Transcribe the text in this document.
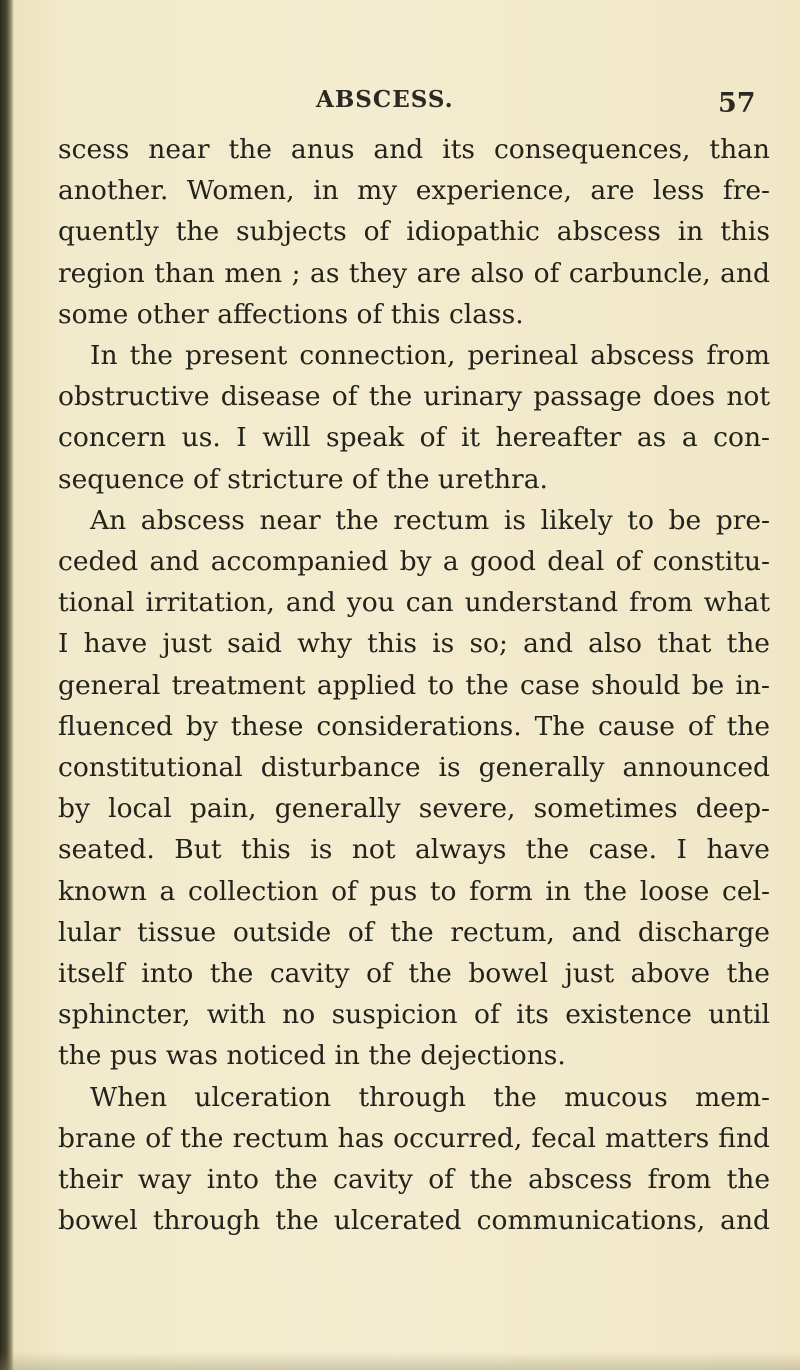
ABSCESS.	57
scess near the anus and its consequences, than
another. Women, in my experience, are less fre-
quently the subjects of idiopathic abscess in this
region than men ; as they are also of carbuncle, and
some other affections of this class.
In the present connection, perineal abscess from
obstructive disease of the urinary passage does not
concern us. I will speak of it hereafter as a con-
sequence of stricture of the urethra.
An abscess near the rectum is likely to be pre-
ceded and accompanied by a good deal of constitu-
tional irritation, and you can understand from what
I have just said why this is so; and also that the
general treatment applied to the case should be in-
fluenced by these considerations. The cause of the
constitutional disturbance is generally announced
by local pain, generally severe, sometimes deep-
seated. But this is not always the case. I have
known a collection of pus to form in the loose cel-
lular tissue outside of the rectum, and discharge
itself into the cavity of the bowel just above the
sphincter, with no suspicion of its existence until
the pus was noticed in the dejections.
When ulceration through the mucous mem-
brane of the rectum has occurred, fecal matters find
their way into the cavity of the abscess from the
bowel through the ulcerated communications, and
